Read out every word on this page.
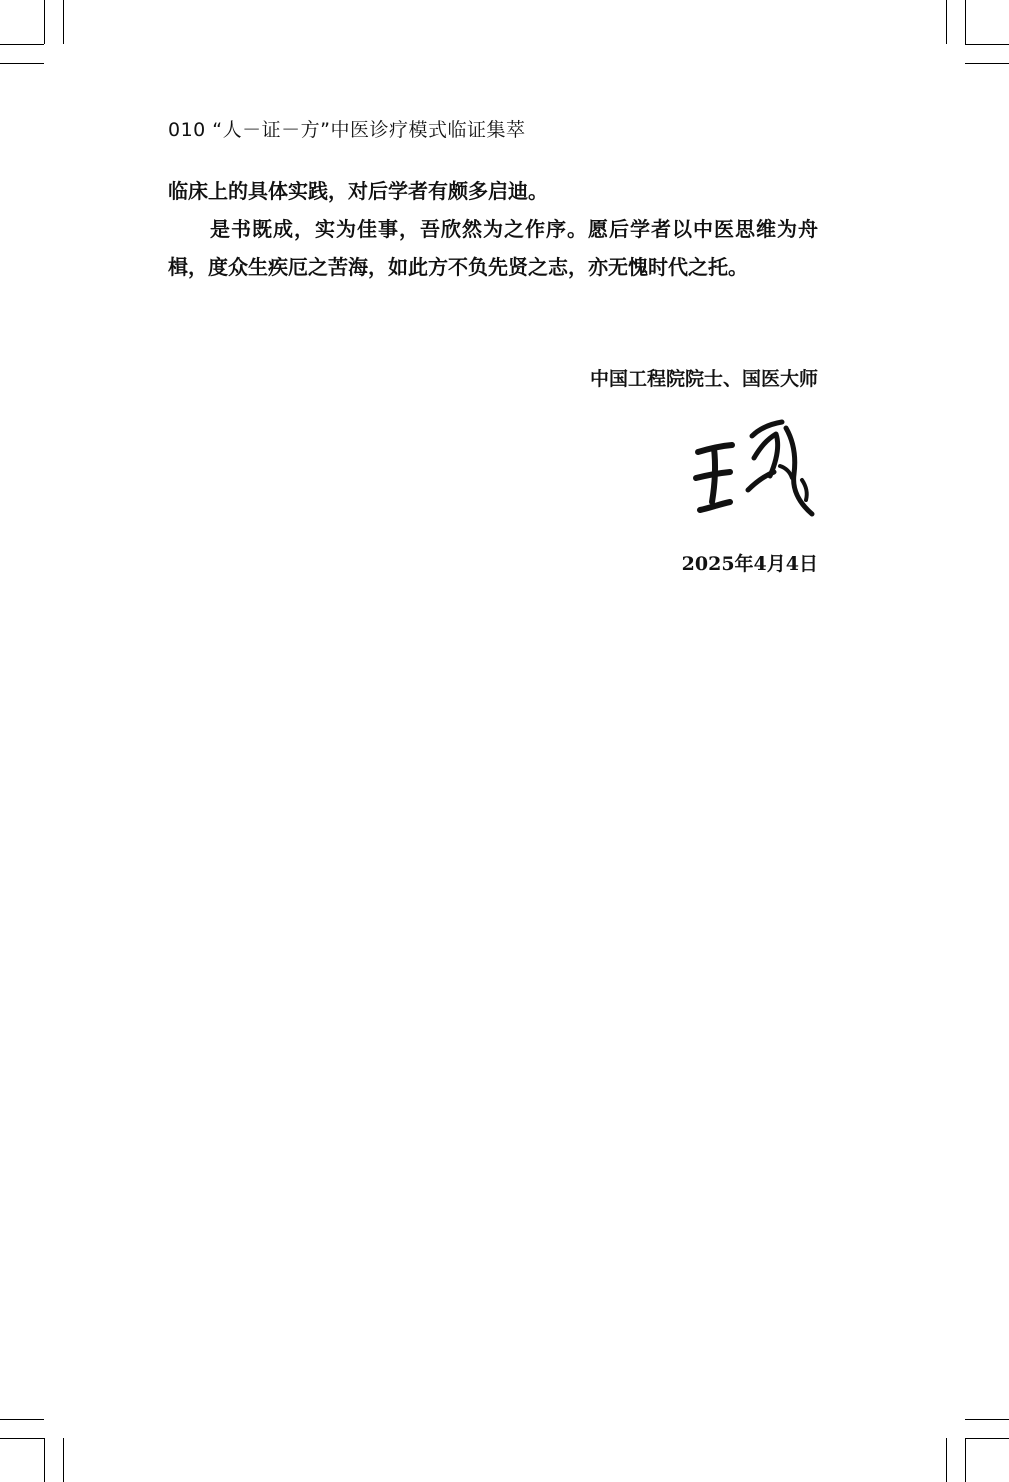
010 “人－证－方”中医诊疗模式临证集萃

临床上的具体实践，对后学者有颇多启迪。

是书既成，实为佳事，吾欣然为之作序。愿后学者以中医思维为舟楫，度众生疾厄之苦海，如此方不负先贤之志，亦无愧时代之托。

中国工程院院士、国医大师
2025年4月4日
